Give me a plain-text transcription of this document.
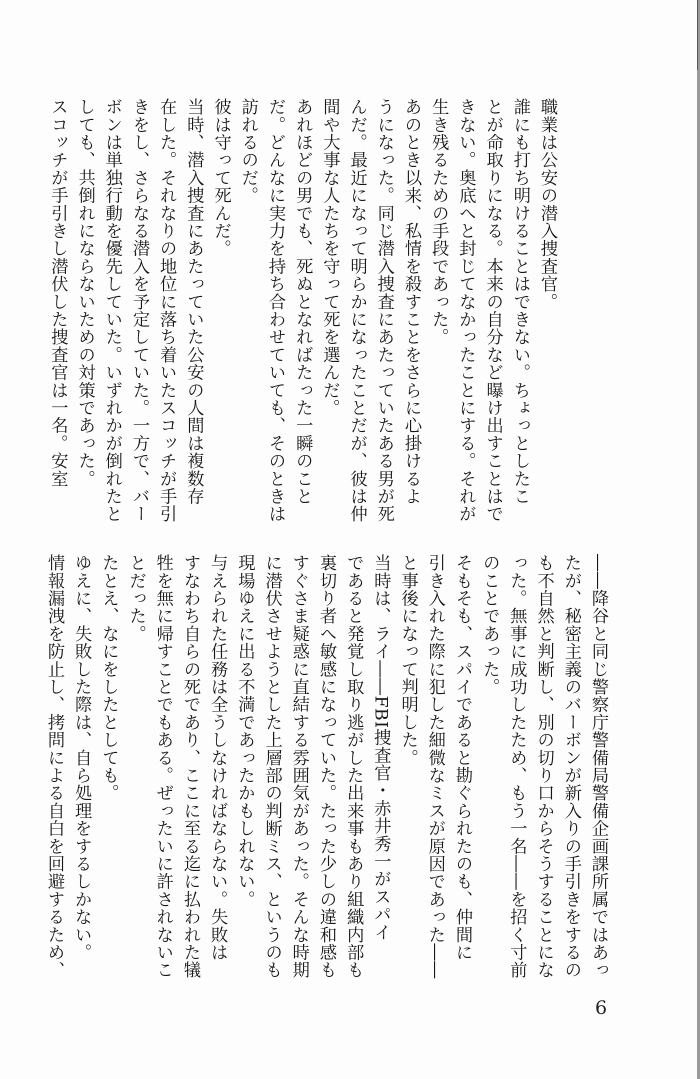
職業は公安の潜入捜査官。
誰にも打ち明けることはできない。ちょっとしたこ
とが命取りになる。本来の自分など曝け出すことはで
きない。奥底へと封じてなかったことにする。それが
生き残るための手段であった。
あのとき以来、私情を殺すことをさらに心掛けるよ
うになった。同じ潜入捜査にあたっていたある男が死
んだ。最近になって明らかになったことだが、彼は仲
間や大事な人たちを守って死を選んだ。
あれほどの男でも、死ぬとなればたった一瞬のこと
だ。どんなに実力を持ち合わせていても、そのときは
訪れるのだ。
彼は守って死んだ。
当時、潜入捜査にあたっていた公安の人間は複数存
在した。それなりの地位に落ち着いたスコッチが手引
きをし、さらなる潜入を予定していた。一方で、バー
ボンは単独行動を優先していた。いずれかが倒れたと
しても、共倒れにならないための対策であった。
スコッチが手引きし潜伏した捜査官は一名。安室
――降谷と同じ警察庁警備局警備企画課所属ではあっ
たが、秘密主義のバーボンが新入りの手引きをするの
も不自然と判断し、別の切り口からそうすることにな
った。無事に成功したため、もう一名――を招く寸前
のことであった。
そもそも、スパイであると勘ぐられたのも、仲間に
引き入れた際に犯した細微なミスが原因であった――
と事後になって判明した。
当時は、ライ――FBI捜査官・赤井秀一がスパイ
であると発覚し取り逃がした出来事もあり組織内部も
裏切り者へ敏感になっていた。たった少しの違和感も
すぐさま疑惑に直結する雰囲気があった。そんな時期
に潜伏させようとした上層部の判断ミス、というのも
現場ゆえに出る不満であったかもしれない。
与えられた任務は全うしなければならない。失敗は
すなわち自らの死であり、ここに至る迄に払われた犠
牲を無に帰すことでもある。ぜったいに許されないこ
とだった。
たとえ、なにをしたとしても。
ゆえに、失敗した際は、自ら処理をするしかない。
情報漏洩を防止し、拷問による自白を回避するため、
6
